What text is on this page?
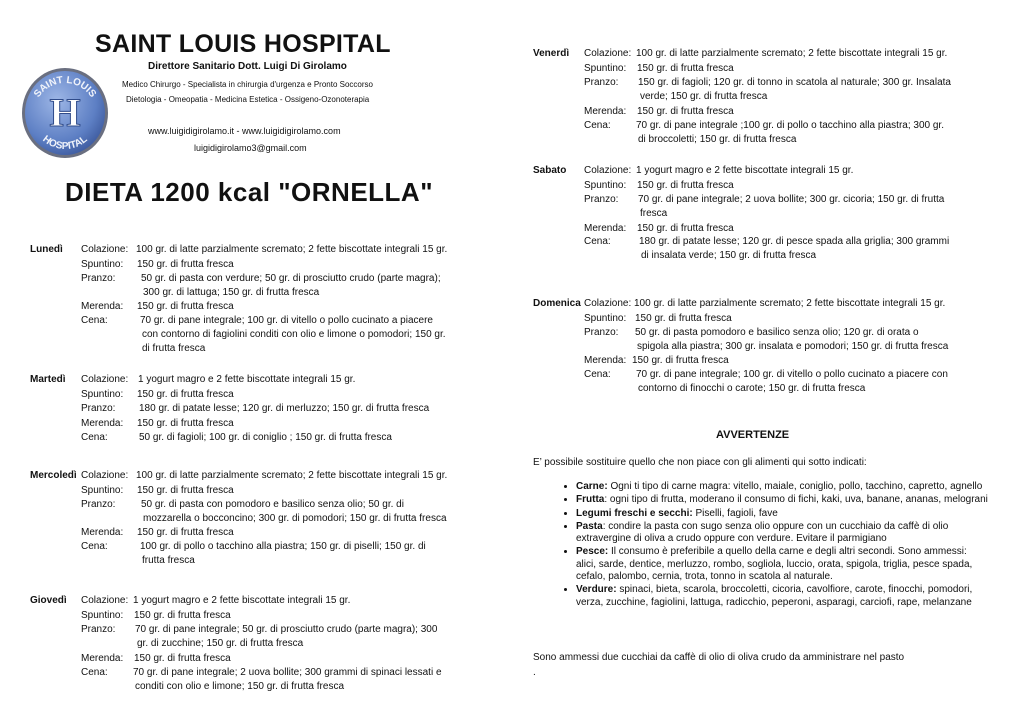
SAINT LOUIS HOSPITAL
Direttore Sanitario Dott. Luigi Di Girolamo
Medico Chirurgo - Specialista in chirurgia d'urgenza e Pronto Soccorso
Dietologia - Omeopatia - Medicina Estetica - Ossigeno-Ozonoterapia
www.luigidigirolamo.it - www.luigidigirolamo.com
luigidigirolamo3@gmail.com
SAINT LOUIS
HOSPITAL
H
DIETA 1200 kcal "ORNELLA"
Lunedì Colazione: 100 gr. di latte parzialmente scremato; 2 fette biscottate integrali 15 gr.
Spuntino: 150 gr. di frutta fresca
Pranzo:	50 gr. di pasta con verdure; 50 gr. di prosciutto crudo (parte magra);
300 gr. di lattuga; 150 gr. di frutta fresca
Merenda: 150 gr. di frutta fresca
Cena:	70 gr. di pane integrale; 100 gr. di vitello o pollo cucinato a piacere
con contorno di fagiolini conditi con olio e limone o pomodori; 150 gr.
di frutta fresca
Martedì Colazione: 1 yogurt magro e 2 fette biscottate integrali 15 gr.
Spuntino: 150 gr. di frutta fresca
Pranzo: 180 gr. di patate lesse; 120 gr. di merluzzo; 150 gr. di frutta fresca
Merenda: 150 gr. di frutta fresca
Cena:	50 gr. di fagioli; 100 gr. di coniglio ; 150 gr. di frutta fresca
Mercoledì Colazione: 100 gr. di latte parzialmente scremato; 2 fette biscottate integrali 15 gr.
Spuntino: 150 gr. di frutta fresca
Pranzo:	50 gr. di pasta con pomodoro e basilico senza olio; 50 gr. di
mozzarella o bocconcino; 300 gr. di pomodori; 150 gr. di frutta fresca
Merenda: 150 gr. di frutta fresca
Cena:	100 gr. di pollo o tacchino alla piastra; 150 gr. di piselli; 150 gr. di
frutta fresca
Giovedì Colazione: 1 yogurt magro e 2 fette biscottate integrali 15 gr.
Spuntino: 150 gr. di frutta fresca
Pranzo: 70 gr. di pane integrale; 50 gr. di prosciutto crudo (parte magra); 300
gr. di zucchine; 150 gr. di frutta fresca
Merenda: 150 gr. di frutta fresca
Cena:	70 gr. di pane integrale; 2 uova bollite; 300 grammi di spinaci lessati e
conditi con olio e limone; 150 gr. di frutta fresca
Venerdì Colazione: 100 gr. di latte parzialmente scremato; 2 fette biscottate integrali 15 gr.
Spuntino: 150 gr. di frutta fresca
Pranzo: 150 gr. di fagioli; 120 gr. di tonno in scatola al naturale; 300 gr. Insalata
verde; 150 gr. di frutta fresca
Merenda: 150 gr. di frutta fresca
Cena:	70 gr. di pane integrale ;100 gr. di pollo o tacchino alla piastra; 300 gr.
di broccoletti; 150 gr. di frutta fresca
Sabato Colazione: 1 yogurt magro e 2 fette biscottate integrali 15 gr.
Spuntino: 150 gr. di frutta fresca
Pranzo: 70 gr. di pane integrale; 2 uova bollite; 300 gr. cicoria; 150 gr. di frutta
fresca
Merenda: 150 gr. di frutta fresca
Cena:	180 gr. di patate lesse; 120 gr. di pesce spada alla griglia; 300 grammi
di insalata verde; 150 gr. di frutta fresca
Domenica Colazione: 100 gr. di latte parzialmente scremato; 2 fette biscottate integrali 15 gr.
Spuntino: 150 gr. di frutta fresca
Pranzo: 50 gr. di pasta pomodoro e basilico senza olio; 120 gr. di orata o
spigola alla piastra; 300 gr. insalata e pomodori; 150 gr. di frutta fresca
Merenda: 150 gr. di frutta fresca
Cena:	70 gr. di pane integrale; 100 gr. di vitello o pollo cucinato a piacere con
contorno di finocchi o carote; 150 gr. di frutta fresca
AVVERTENZE
E’ possibile sostituire quello che non piace con gli alimenti qui sotto indicati:
• Carne: Ogni ti tipo di carne magra: vitello, maiale, coniglio, pollo, tacchino, capretto, agnello
• Frutta: ogni tipo di frutta, moderano il consumo di fichi, kaki, uva, banane, ananas, melograni
• Legumi freschi e secchi: Piselli, fagioli, fave
• Pasta: condire la pasta con sugo senza olio oppure con un cucchiaio da caffè di olio extravergine di oliva a crudo oppure con verdure. Evitare il parmigiano
• Pesce: Il consumo è preferibile a quello della carne e degli altri secondi. Sono ammessi: alici, sarde, dentice, merluzzo, rombo, sogliola, luccio, orata, spigola, triglia, pesce spada, cefalo, palombo, cernia, trota, tonno in scatola al naturale.
• Verdure: spinaci, bieta, scarola, broccoletti, cicoria, cavolfiore, carote, finocchi, pomodori, verza, zucchine, fagiolini, lattuga, radicchio, peperoni, asparagi, carciofi, rape, melanzane
Sono ammessi due cucchiai da caffè di olio di oliva crudo da amministrare nel pasto
.
